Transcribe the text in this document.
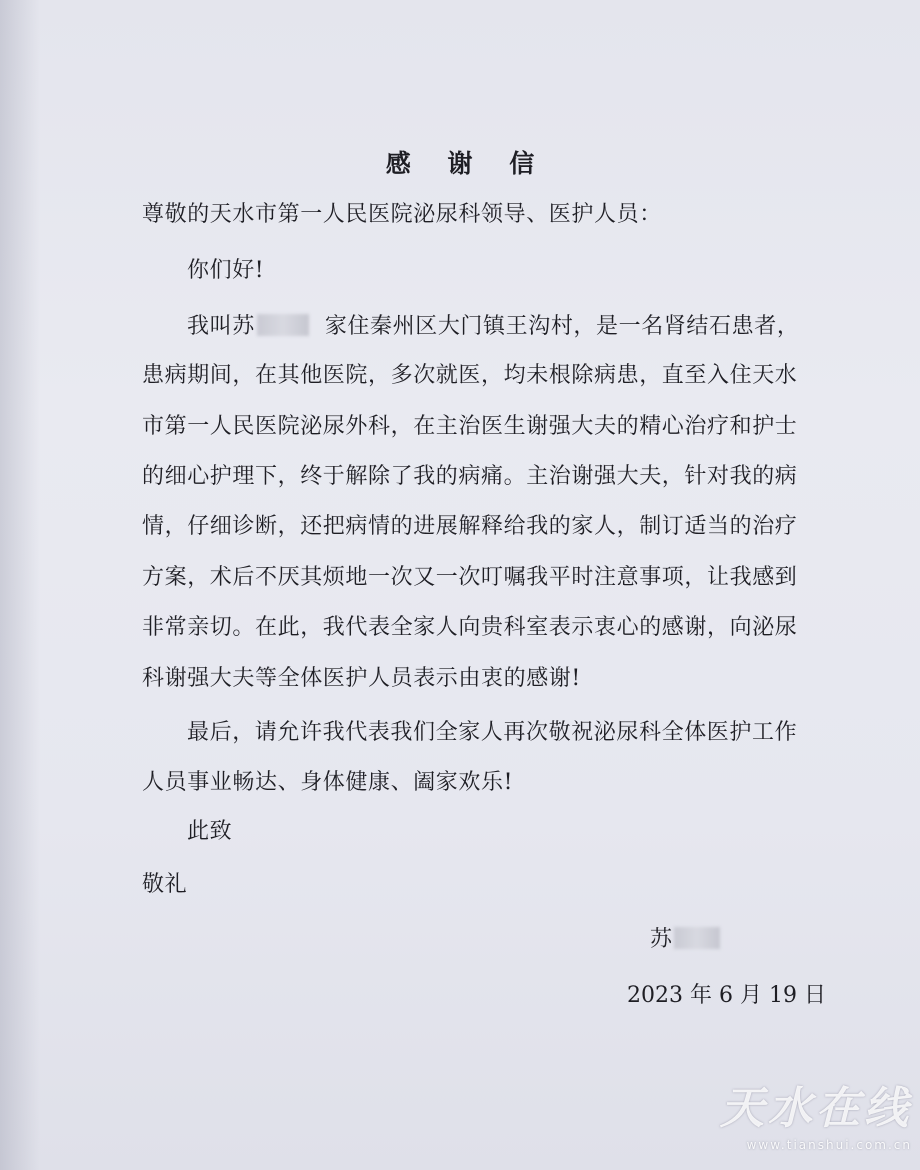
感 谢 信
尊敬的天水市第一人民医院泌尿科领导、医护人员：
你们好!
我叫苏	家住秦州区大门镇王沟村，是一名肾结石患者，
患病期间，在其他医院，多次就医，均未根除病患，直至入住天水
市第一人民医院泌尿外科，在主治医生谢强大夫的精心治疗和护士
的细心护理下，终于解除了我的病痛。主治谢强大夫，针对我的病
情，仔细诊断，还把病情的进展解释给我的家人，制订适当的治疗
方案，术后不厌其烦地一次又一次叮嘱我平时注意事项，让我感到
非常亲切。在此，我代表全家人向贵科室表示衷心的感谢，向泌尿
科谢强大夫等全体医护人员表示由衷的感谢!
最后，请允许我代表我们全家人再次敬祝泌尿科全体医护工作
人员事业畅达、身体健康、阖家欢乐!
此致
敬礼
苏
2023 年 6 月 19 日
天水在线
www.tianshui.com.cn
